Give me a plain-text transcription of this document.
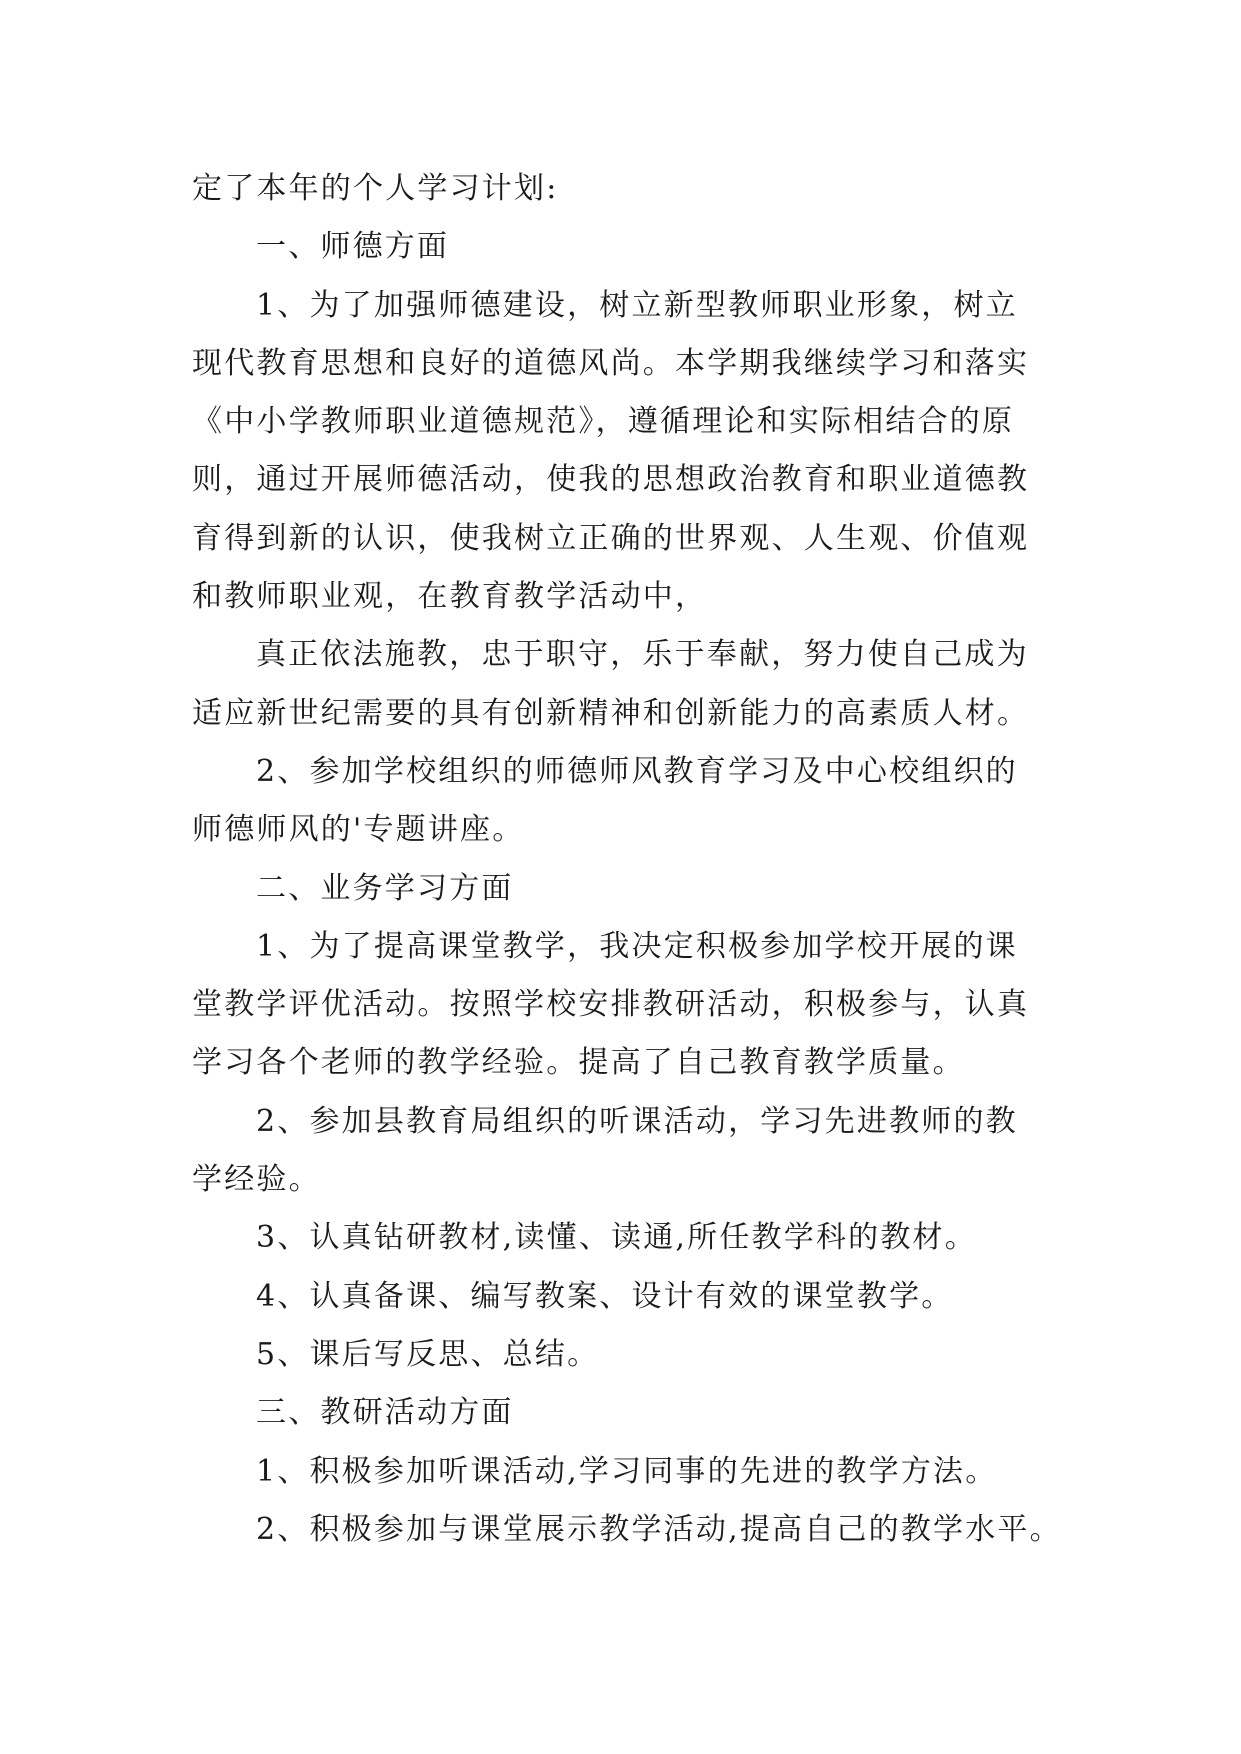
定了本年的个人学习计划:

一、师德方面

1、为了加强师德建设，树立新型教师职业形象，树立

现代教育思想和良好的道德风尚。本学期我继续学习和落实

《中小学教师职业道德规范》，遵循理论和实际相结合的原

则，通过开展师德活动，使我的思想政治教育和职业道德教

育得到新的认识，使我树立正确的世界观、人生观、价值观

和教师职业观，在教育教学活动中，

真正依法施教，忠于职守，乐于奉献，努力使自己成为

适应新世纪需要的具有创新精神和创新能力的高素质人材。

2、参加学校组织的师德师风教育学习及中心校组织的

师德师风的'专题讲座。

二、业务学习方面

1、为了提高课堂教学，我决定积极参加学校开展的课

堂教学评优活动。按照学校安排教研活动，积极参与，认真

学习各个老师的教学经验。提高了自己教育教学质量。

2、参加县教育局组织的听课活动，学习先进教师的教

学经验。

3、认真钻研教材,读懂、读通,所任教学科的教材。

4、认真备课、编写教案、设计有效的课堂教学。

5、课后写反思、总结。

三、教研活动方面

1、积极参加听课活动,学习同事的先进的教学方法。

2、积极参加与课堂展示教学活动,提高自己的教学水平。
